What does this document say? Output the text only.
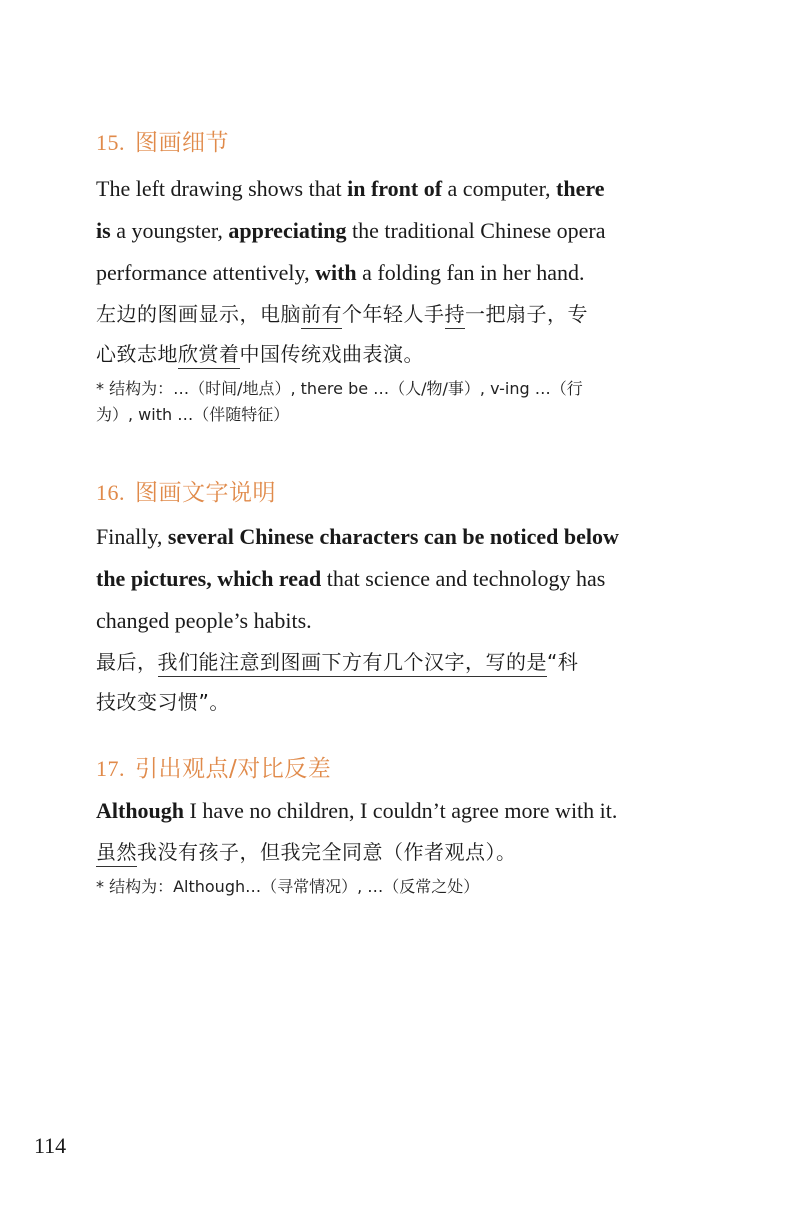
15. 图画细节

The left drawing shows that in front of a computer, there

is a youngster, appreciating the traditional Chinese opera

performance attentively, with a folding fan in her hand.

左边的图画显示，电脑前有个年轻人手持一把扇子，专

心致志地欣赏着中国传统戏曲表演。

* 结构为：…（时间/地点）, there be …（人/物/事）, v-ing …（行

为）, with …（伴随特征）

16. 图画文字说明

Finally, several Chinese characters can be noticed below

the pictures, which read that science and technology has

changed people’s habits.

最后，我们能注意到图画下方有几个汉字，写的是“科

技改变习惯”。

17. 引出观点/对比反差

Although I have no children, I couldn’t agree more with it.

虽然我没有孩子，但我完全同意（作者观点）。

* 结构为：Although…（寻常情况）, …（反常之处）

114
